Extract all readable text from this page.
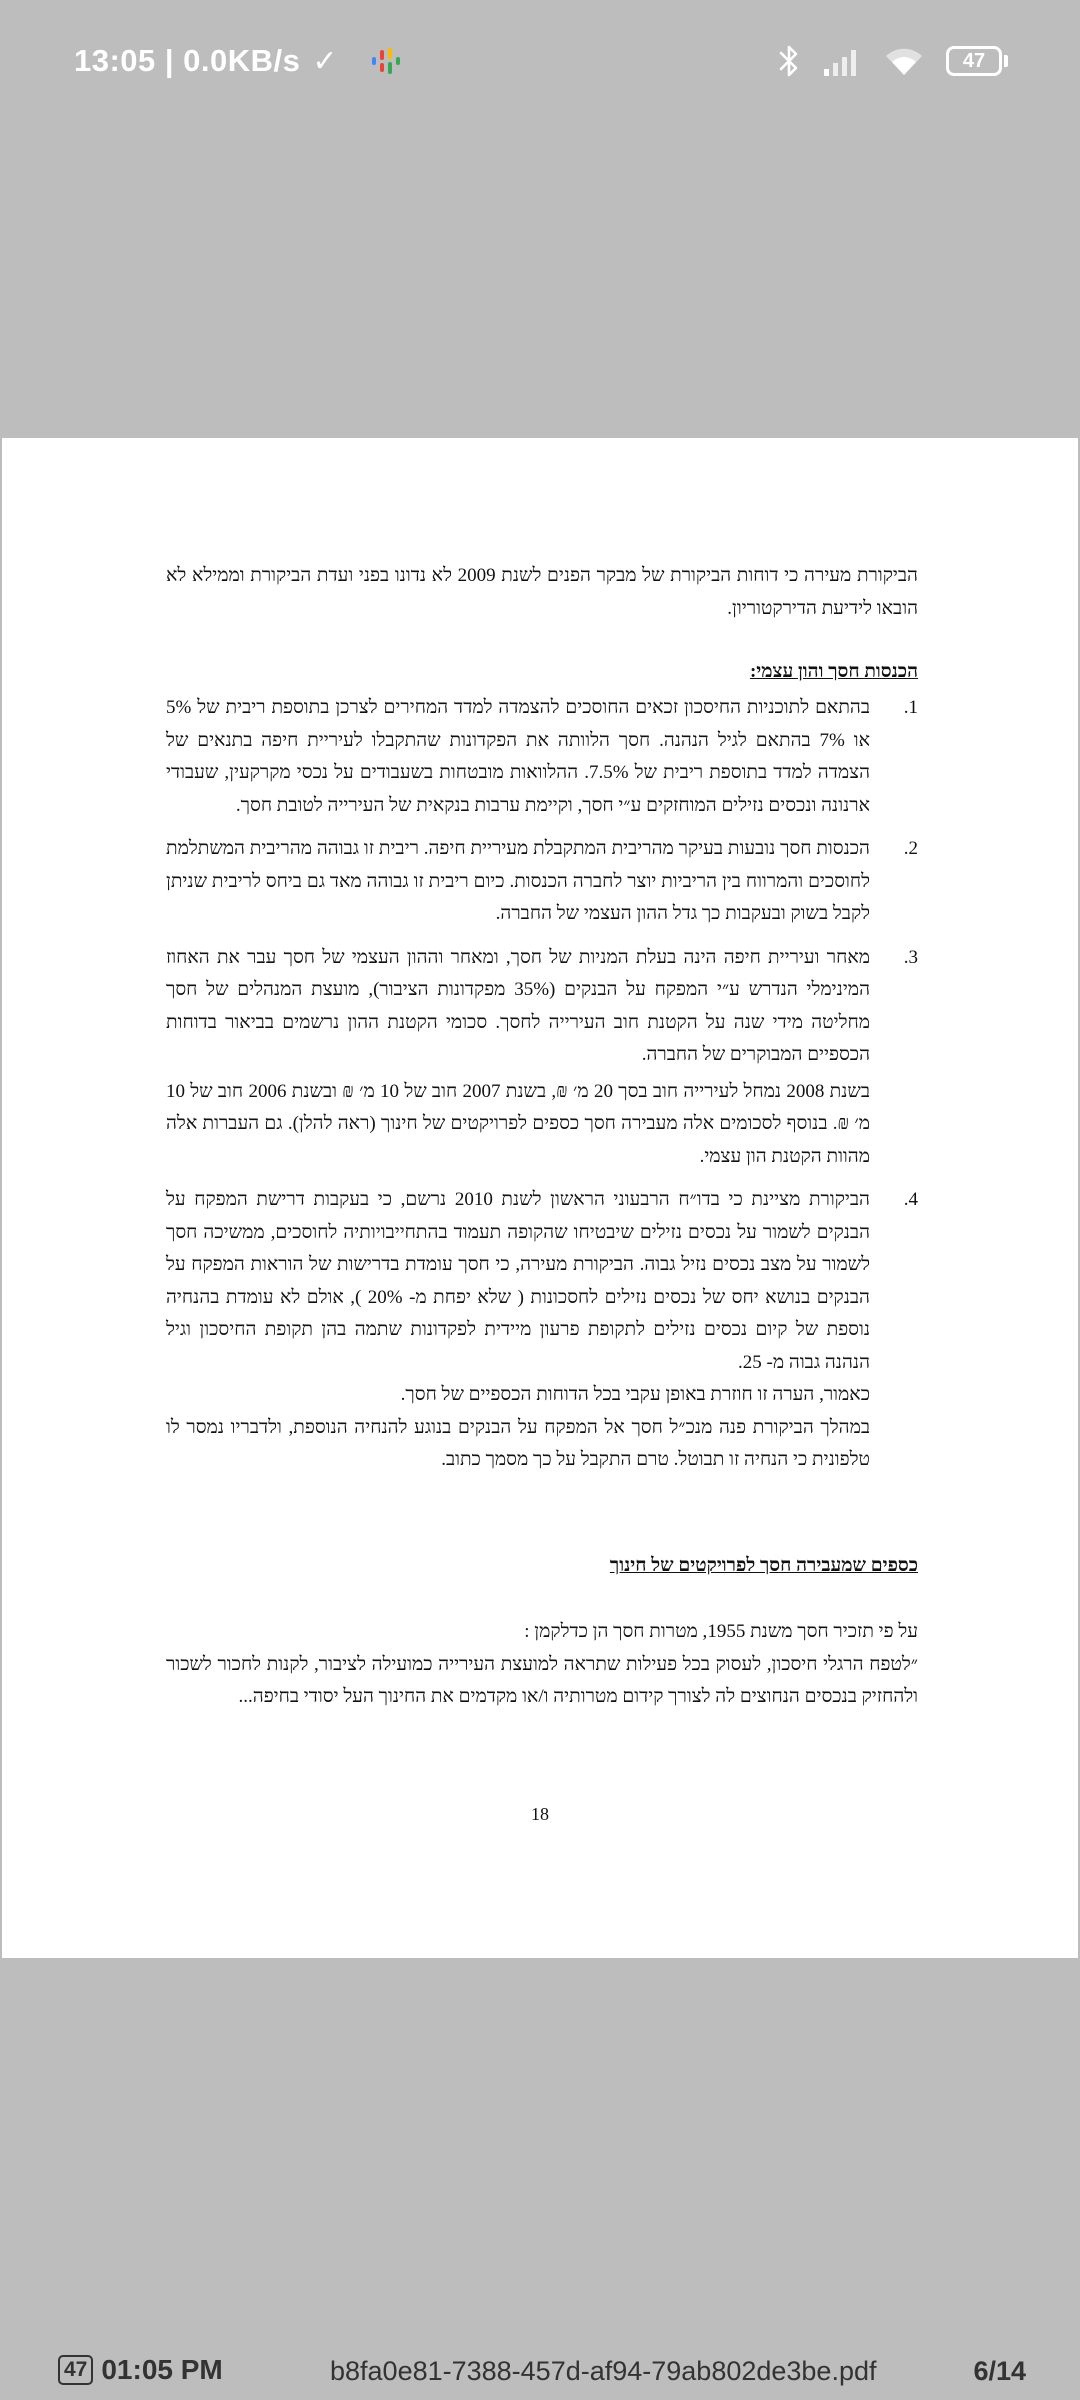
13:05 | 0.0KB/s ✓	47

הביקורת מעירה כי דוחות הביקורת של מבקר הפנים לשנת 2009 לא נדונו בפני ועדת הביקורת וממילא לא הובאו לידיעת הדירקטוריון.

הכנסות חסך והון עצמי:
1.

בהתאם לתוכניות החיסכון זכאים החוסכים להצמדה למדד המחירים לצרכן בתוספת ריבית של 5% או 7% בהתאם לגיל הנהנה. חסך הלוותה את הפקדונות שהתקבלו לעיריית חיפה בתנאים של הצמדה למדד בתוספת ריבית של 7.5%. ההלוואות מובטחות בשעבודים על נכסי מקרקעין, שעבודי ארנונה ונכסים נזילים המוחזקים ע״י חסך, וקיימת ערבות בנקאית של העירייה לטובת חסך.

2.

הכנסות חסך נובעות בעיקר מהריבית המתקבלת מעיריית חיפה. ריבית זו גבוהה מהריבית המשתלמת לחוסכים והמרווח בין הריביות יוצר לחברה הכנסות. כיום ריבית זו גבוהה מאד גם ביחס לריבית שניתן לקבל בשוק ובעקבות כך גדל ההון העצמי של החברה.

3.

מאחר ועיריית חיפה הינה בעלת המניות של חסך, ומאחר וההון העצמי של חסך עבר את האחוז המינימלי הנדרש ע״י המפקח על הבנקים (35% מפקדונות הציבור), מועצת המנהלים של חסך מחליטה מידי שנה על הקטנת חוב העירייה לחסך. סכומי הקטנת ההון נרשמים בביאור בדוחות הכספיים המבוקרים של החברה.

בשנת 2008 נמחל לעירייה חוב בסך 20 מ׳ ₪, בשנת 2007 חוב של 10 מ׳ ₪ ובשנת 2006 חוב של 10 מ׳ ₪. בנוסף לסכומים אלה מעבירה חסך כספים לפרויקטים של חינוך (ראה להלן). גם העברות אלה מהוות הקטנת הון עצמי.

4.

הביקורת מציינת כי בדו״ח הרבעוני הראשון לשנת 2010 נרשם, כי בעקבות דרישת המפקח על הבנקים לשמור על נכסים נזילים שיבטיחו שהקופה תעמוד בהתחייבויותיה לחוסכים, ממשיכה חסך לשמור על מצב נכסים נזיל גבוה. הביקורת מעירה, כי חסך עומדת בדרישות של הוראות המפקח על הבנקים בנושא יחס של נכסים נזילים לחסכונות ( שלא יפחת מ- 20% ), אולם לא עומדת בהנחיה נוספת של קיום נכסים נזילים לתקופת פרעון מיידית לפקדונות שתמה בהן תקופת החיסכון וגיל הנהנה גבוה מ- 25.

כאמור, הערה זו חוזרת באופן עקבי בכל הדוחות הכספיים של חסך.

במהלך הביקורת פנה מנכ״ל חסך אל המפקח על הבנקים בנוגע להנחיה הנוספת, ולדבריו נמסר לו טלפונית כי הנחיה זו תבוטל. טרם התקבל על כך מסמך כתוב.

כספים שמעבירה חסך לפרויקטים של חינוך

על פי תזכיר חסך משנת 1955, מטרות חסך הן כדלקמן :

״לטפח הרגלי חיסכון, לעסוק בכל פעילות שתראה למועצת העירייה כמועילה לציבור, לקנות לחכור לשכור ולהחזיק בנכסים הנחוצים לה לצורך קידום מטרותיה ו/או מקדמים את החינוך העל יסודי בחיפה...

18
47 01:05 PM	b8fa0e81-7388-457d-af94-79ab802de3be.pdf	6/14
